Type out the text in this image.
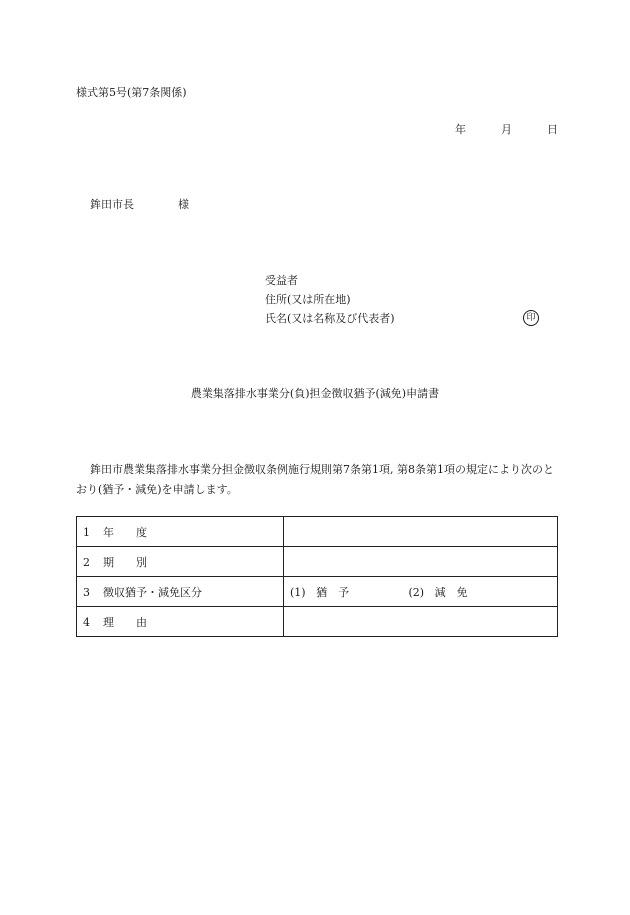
様式第5号(第7条関係)
年	月	日
鉾田市長	様
受益者
住所(又は所在地)
氏名(又は名称及び代表者)	印
農業集落排水事業分(負)担金徴収猶予(減免)申請書
鉾田市農業集落排水事業分担金徴収条例施行規則第7条第1項, 第8条第1項の規定により次のとおり(猶予・減免)を申請します。
1 年　　度	
2 期　　別	
3 徴収猶予・減免区分	(1) 猶　予 (2) 減　免
4 理　　由	
